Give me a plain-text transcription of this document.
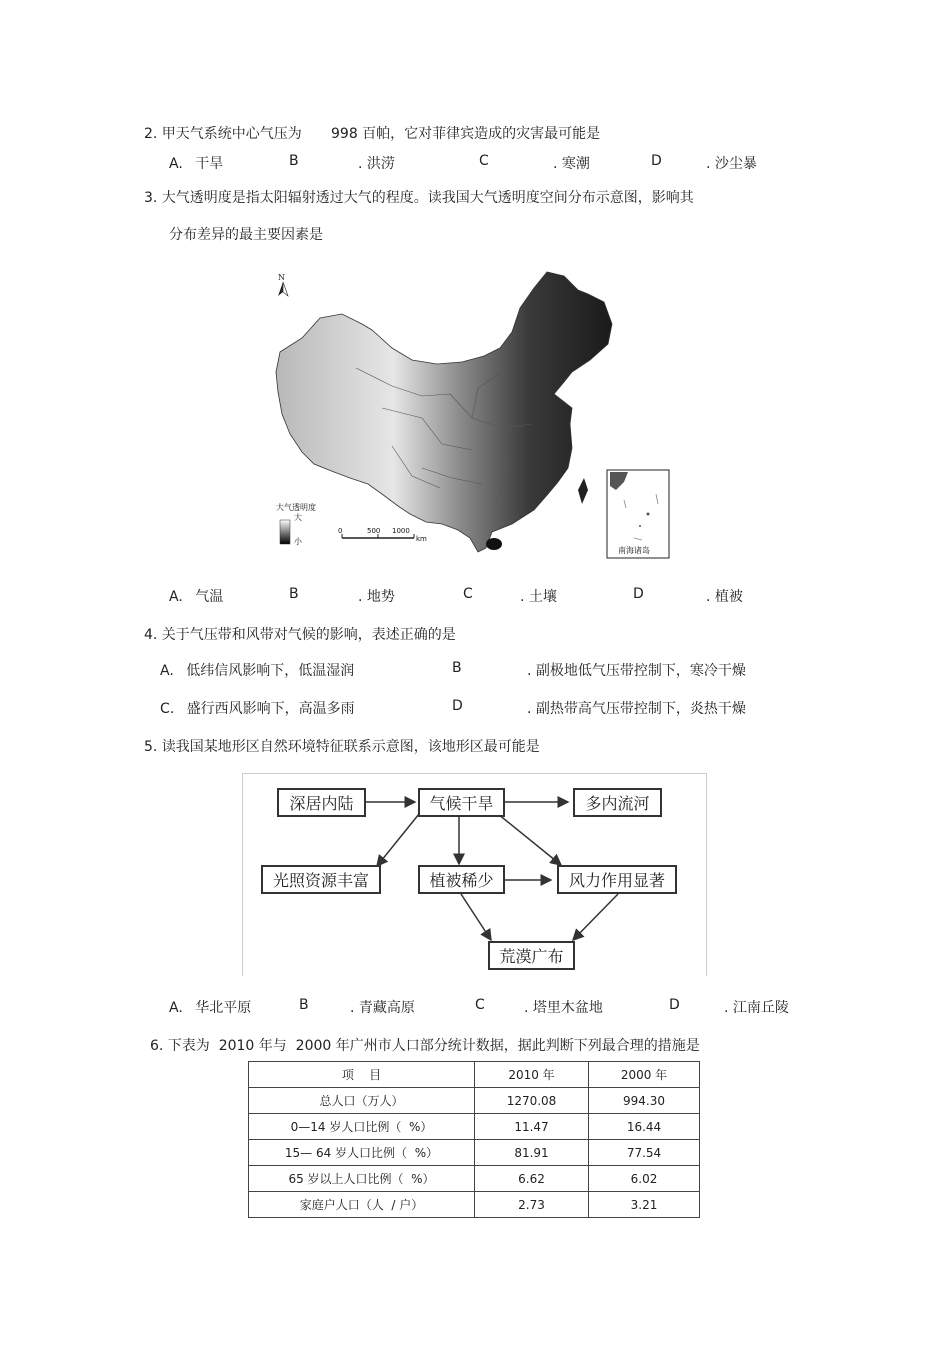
2. 甲天气系统中心气压为 998 百帕，它对菲律宾造成的灾害最可能是
A. 干旱	B	. 洪涝	C	. 寒潮	D	. 沙尘暴
3. 大气透明度是指太阳辐射透过大气的程度。读我国大气透明度空间分布示意图，影响其
分布差异的最主要因素是
N
大气透明度
大
小
0	500 1000
km
南海诸岛
A. 气温	B	. 地势	C	. 土壤	D	. 植被
4. 关于气压带和风带对气候的影响，表述正确的是
A. 低纬信风影响下，低温湿润	B	. 副极地低气压带控制下，寒冷干燥
C. 盛行西风影响下，高温多雨	D	. 副热带高气压带控制下，炎热干燥
5. 读我国某地形区自然环境特征联系示意图，该地形区最可能是
深居内陆	气候干旱	多内流河
光照资源丰富	植被稀少	风力作用显著
荒漠广布
A. 华北平原	B	. 青藏高原	C	. 塔里木盆地	D	. 江南丘陵
6. 下表为  2010 年与  2000 年广州市人口部分统计数据，据此判断下列最合理的措施是
项    目	2010 年	2000 年
总人口（万人）	1270.08	994.30
0—14 岁人口比例（  %）	11.47	16.44
15— 64 岁人口比例（  %）	81.91	77.54
65 岁以上人口比例（  %）	6.62	6.02
家庭户人口（人  / 户）	2.73	3.21
